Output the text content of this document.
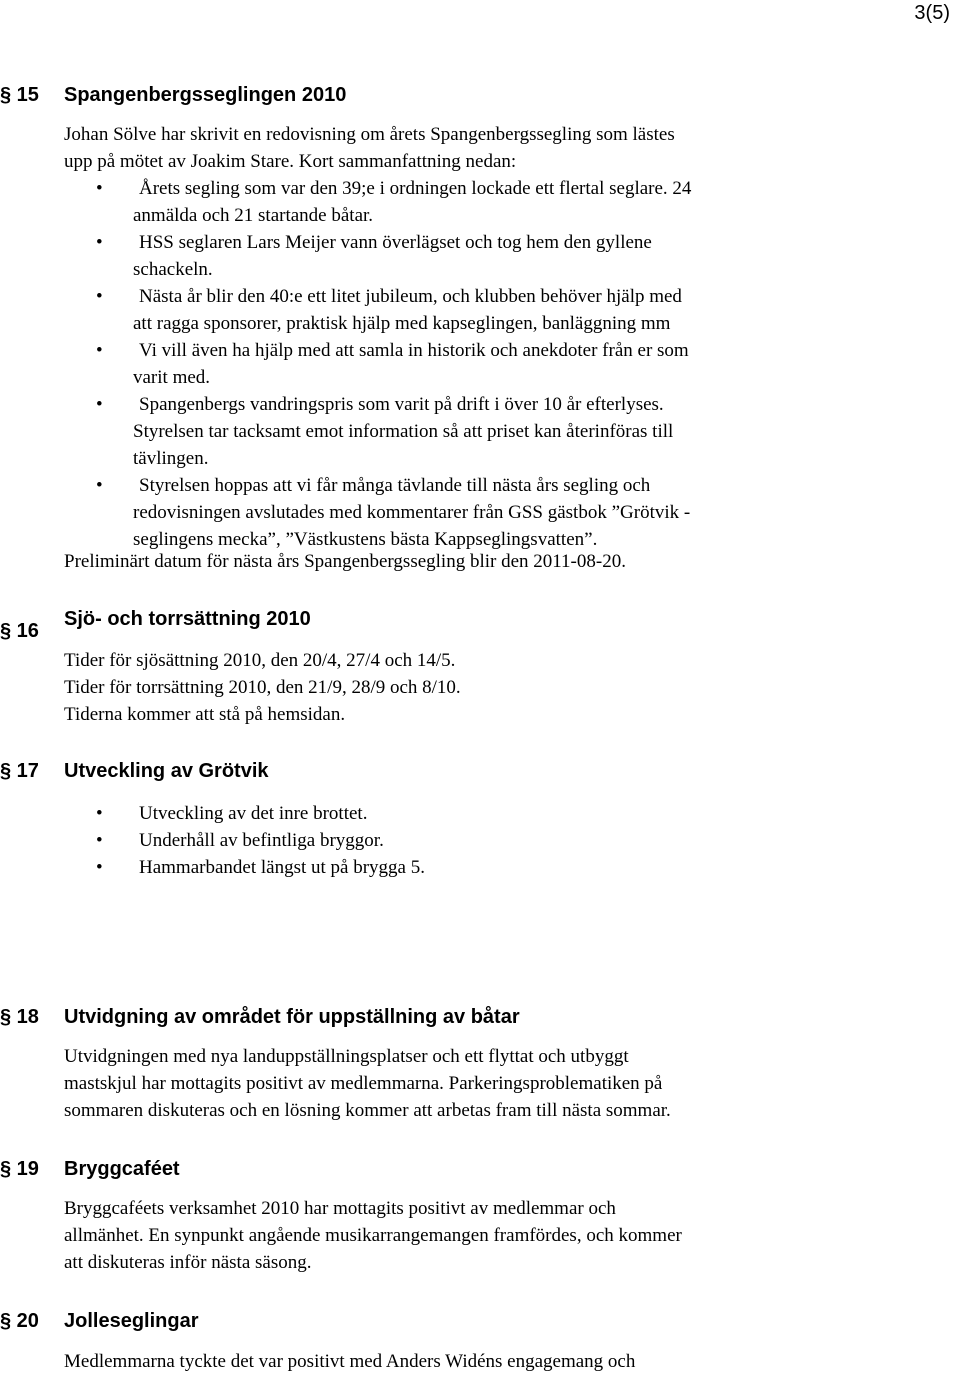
3(5)
§ 15 Spangenbergsseglingen 2010

Johan Sölve har skrivit en redovisning om årets Spangenbergssegling som lästes

upp på mötet av Joakim Stare. Kort sammanfattning nedan:

•	Årets segling som var den 39;e i ordningen lockade ett flertal seglare. 24
anmälda och 21 startande båtar.
•	HSS seglaren Lars Meijer vann överlägset och tog hem den gyllene
schackeln.
•	Nästa år blir den 40:e ett litet jubileum, och klubben behöver hjälp med
att ragga sponsorer, praktisk hjälp med kapseglingen, banläggning mm
•	Vi vill även ha hjälp med att samla in historik och anekdoter från er som
varit med.
•	Spangenbergs vandringspris som varit på drift i över 10 år efterlyses.
Styrelsen tar tacksamt emot information så att priset kan återinföras till
tävlingen.
•	Styrelsen hoppas att vi får många tävlande till nästa års segling och
redovisningen avslutades med kommentarer från GSS gästbok ”Grötvik -
seglingens mecka”, ”Västkustens bästa Kappseglingsvatten”.

Preliminärt datum för nästa års Spangenbergssegling blir den 2011-08-20.

§ 16
Sjö- och torrsättning 2010

Tider för sjösättning 2010, den 20/4, 27/4 och 14/5.

Tider för torrsättning 2010, den 21/9, 28/9 och 8/10.

Tiderna kommer att stå på hemsidan.

§ 17 Utveckling av Grötvik
•	Utveckling av det inre brottet.
•	Underhåll av befintliga bryggor.
•	Hammarbandet längst ut på brygga 5.
§ 18 Utvidgning av området för uppställning av båtar

Utvidgningen med nya landuppställningsplatser och ett flyttat och utbyggt

mastskjul har mottagits positivt av medlemmarna. Parkeringsproblematiken på

sommaren diskuteras och en lösning kommer att arbetas fram till nästa sommar.

§ 19 Bryggcaféet

Bryggcaféets verksamhet 2010 har mottagits positivt av medlemmar och

allmänhet. En synpunkt angående musikarrangemangen framfördes, och kommer

att diskuteras inför nästa säsong.

§ 20 Jolleseglingar

Medlemmarna tyckte det var positivt med Anders Widéns engagemang och
